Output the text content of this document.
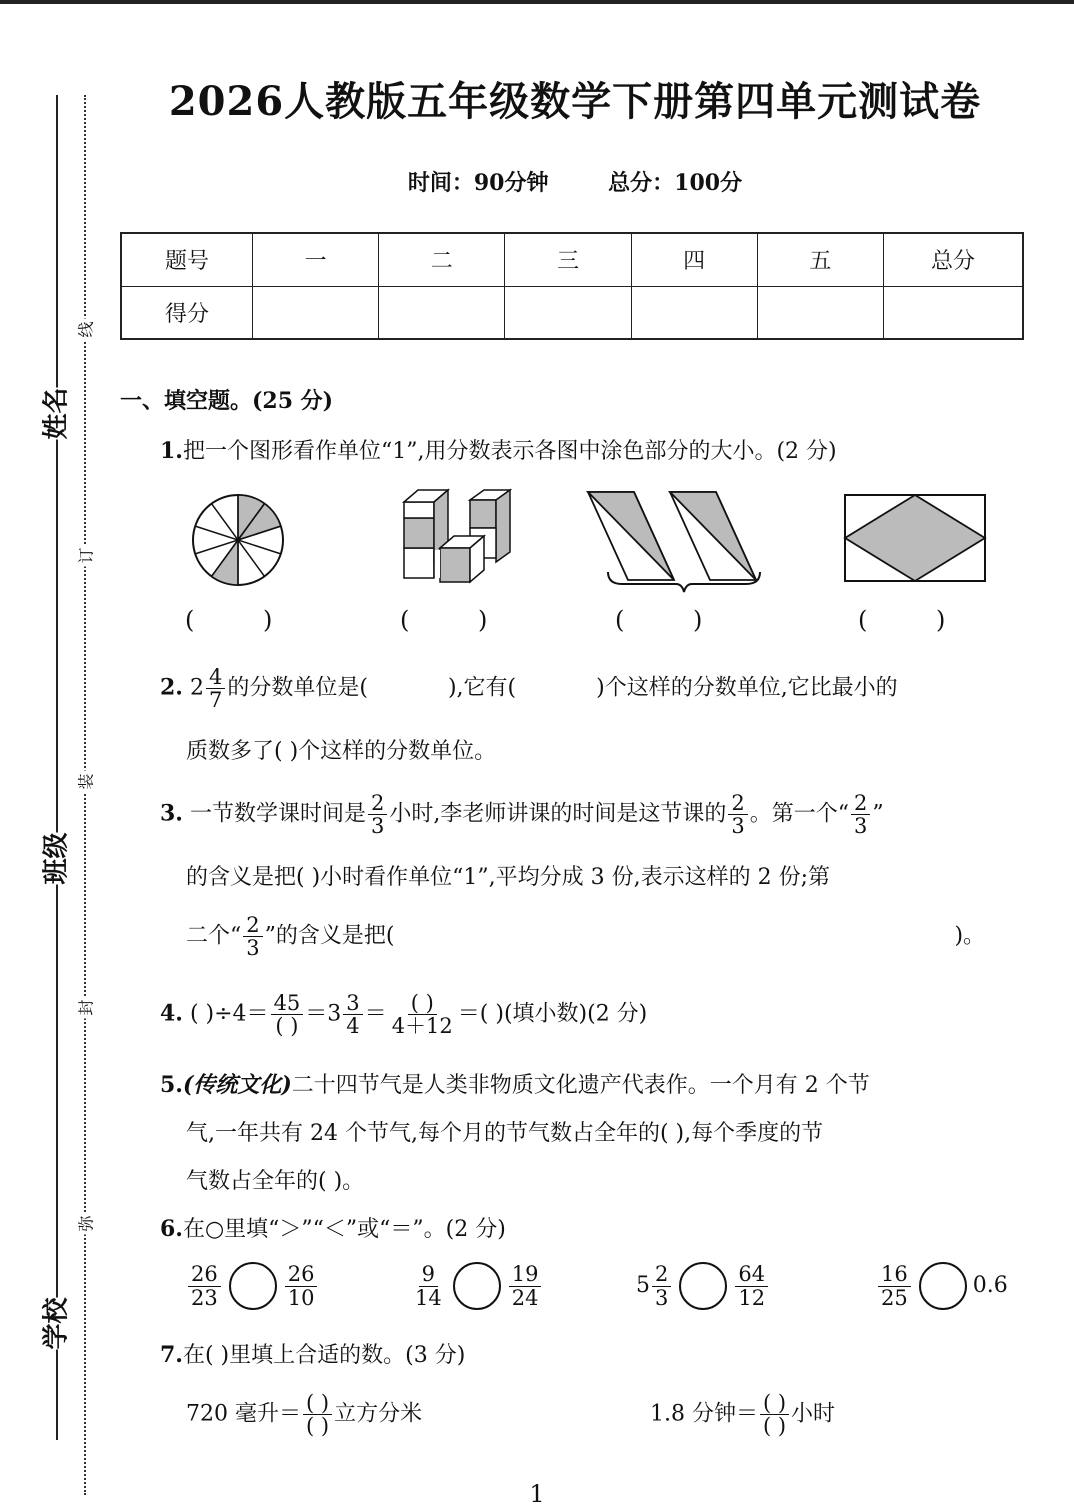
姓名
班级
学校
线
订
装
封
弥
2026人教版五年级数学下册第四单元测试卷
时间：90分钟	总分：100分
题号	一	二	三	四	五	总分
得分						
一、填空题。(25 分)
1.把一个图形看作单位“1”,用分数表示各图中涂色部分的大小。(2 分)
(         )	(         )	(         )	(         )
2. $2 \frac{4}{7}$ 的分数单位是(	),它有(	)个这样的分数单位,它比最小的
质数多了( )个这样的分数单位。
3. 一节数学课时间是 $\frac{2}{3}$ 小时,李老师讲课的时间是这节课的 $\frac{2}{3}$ 。第一个“ $\frac{2}{3}$ ”
的含义是把( )小时看作单位“1”,平均分成 3 份,表示这样的 2 份;第
二个“ $\frac{2}{3}$ ”的含义是把(	)。
4. ( )$\div 4= \frac{45}{( )} =3 \frac{3}{4} = \frac{( )}{4+12}$ ＝( )(填小数)(2 分)
5.(传统文化)二十四节气是人类非物质文化遗产代表作。一个月有 2 个节
气,一年共有 24 个节气,每个月的节气数占全年的( ),每个季度的节
气数占全年的( )。
6.在○里填“＞”“＜”或“＝”。(2 分)
$\frac{26}{23}$	$\frac{26}{10}$	$\frac{9}{14}$	$\frac{19}{24}$	$5 \frac{2}{3}$	$\frac{64}{12}$	$\frac{16}{25}$	0.6
7.在( )里填上合适的数。(3 分)
720 毫升＝ $\frac{( )}{( )}$ 立方分米	1.8 分钟＝ $\frac{( )}{( )}$ 小时
1
